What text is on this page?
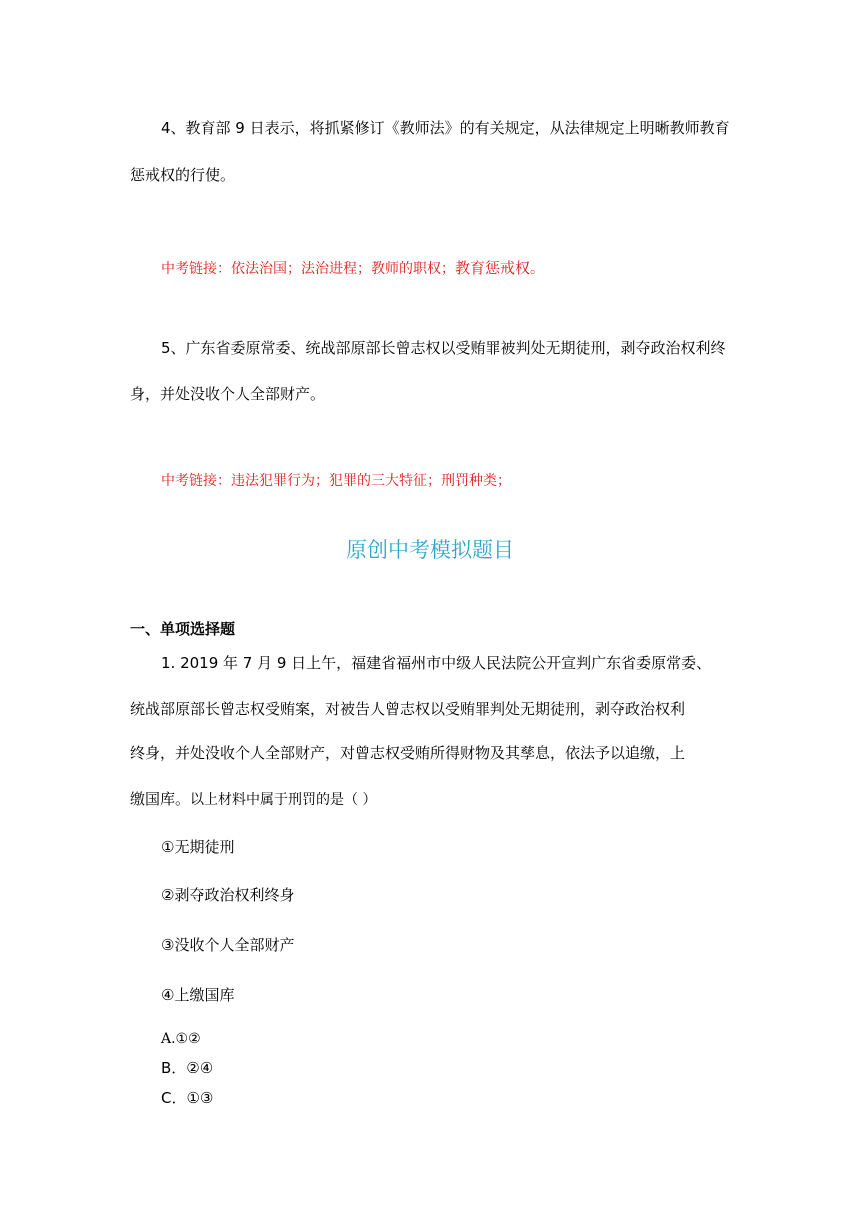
4、教育部 9 日表示，将抓紧修订《教师法》的有关规定，从法律规定上明晰教师教育
惩戒权的行使。
中考链接：依法治国；法治进程；教师的职权；教育惩戒权。
5、广东省委原常委、统战部原部长曾志权以受贿罪被判处无期徒刑，剥夺政治权利终
身，并处没收个人全部财产。
中考链接：违法犯罪行为；犯罪的三大特征；刑罚种类；
原创中考模拟题目
一、单项选择题
1. 2019 年 7 月 9 日上午，福建省福州市中级人民法院公开宣判广东省委原常委、
统战部原部长曾志权受贿案，对被告人曾志权以受贿罪判处无期徒刑，剥夺政治权利
终身，并处没收个人全部财产，对曾志权受贿所得财物及其孳息，依法予以追缴，上
缴国库。以上材料中属于刑罚的是（ ）
①无期徒刑
②剥夺政治权利终身
③没收个人全部财产
④上缴国库
A.①②
B．②④
C．①③
